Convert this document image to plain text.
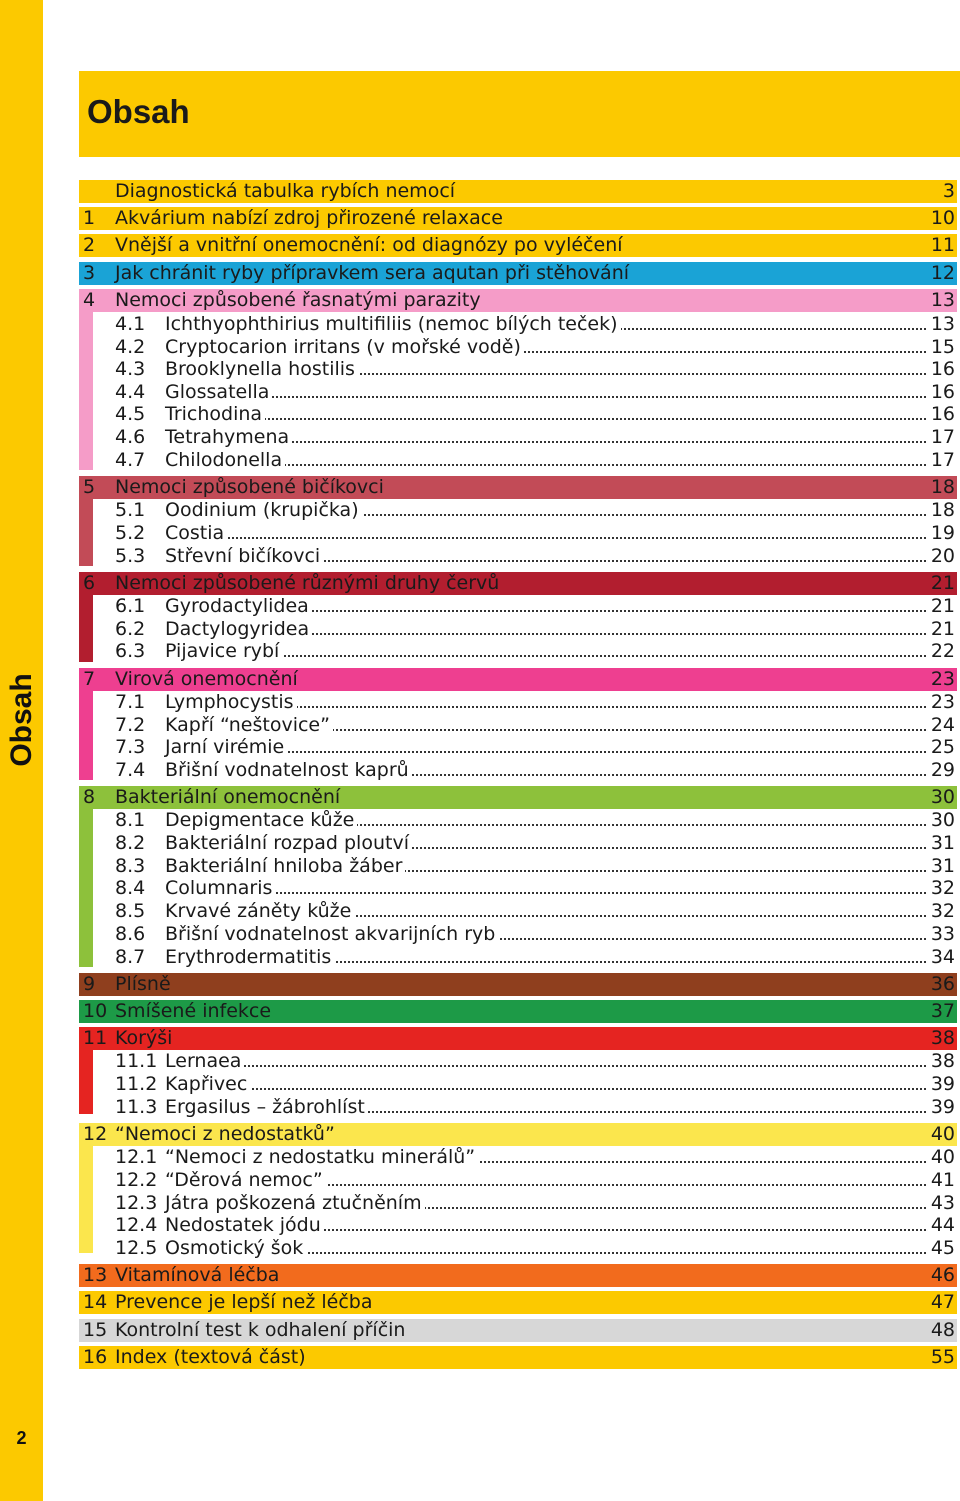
Obsah
2
Obsah
Diagnostická tabulka rybích nemocí	3
1 Akvárium nabízí zdroj přirozené relaxace	10
2 Vnější a vnitřní onemocnění: od diagnózy po vyléčení	11
3 Jak chránit ryby přípravkem sera aqutan při stěhování	12
4 Nemoci způsobené řasnatými parazity	13
4.1 Ichthyophthirius multifiliis (nemoc bílých teček)	13
4.2 Cryptocarion irritans (v mořské vodě)	15
4.3 Brooklynella hostilis	16
4.4 Glossatella	16
4.5 Trichodina	16
4.6 Tetrahymena	17
4.7 Chilodonella	17
5 Nemoci způsobené bičíkovci	18
5.1 Oodinium (krupička)	18
5.2 Costia	19
5.3 Střevní bičíkovci	20
6 Nemoci způsobené různými druhy červů	21
6.1 Gyrodactylidea	21
6.2 Dactylogyridea	21
6.3 Pijavice rybí	22
7 Virová onemocnění	23
7.1 Lymphocystis	23
7.2 Kapří “neštovice”	24
7.3 Jarní virémie	25
7.4 Břišní vodnatelnost kaprů	29
8 Bakteriální onemocnění	30
8.1 Depigmentace kůže	30
8.2 Bakteriální rozpad ploutví	31
8.3 Bakteriální hniloba žáber	31
8.4 Columnaris	32
8.5 Krvavé záněty kůže	32
8.6 Břišní vodnatelnost akvarijních ryb	33
8.7 Erythrodermatitis	34
9 Plísně	36
10 Smíšené infekce	37
11 Korýši	38
11.1 Lernaea	38
11.2 Kapřivec	39
11.3 Ergasilus – žábrohlíst	39
12 “Nemoci z nedostatků”	40
12.1 “Nemoci z nedostatku minerálů”	40
12.2 “Děrová nemoc”	41
12.3 Játra poškozená ztučněním	43
12.4 Nedostatek jódu	44
12.5 Osmotický šok	45
13 Vitamínová léčba	46
14 Prevence je lepší než léčba	47
15 Kontrolní test k odhalení příčin	48
16 Index (textová část)	55
